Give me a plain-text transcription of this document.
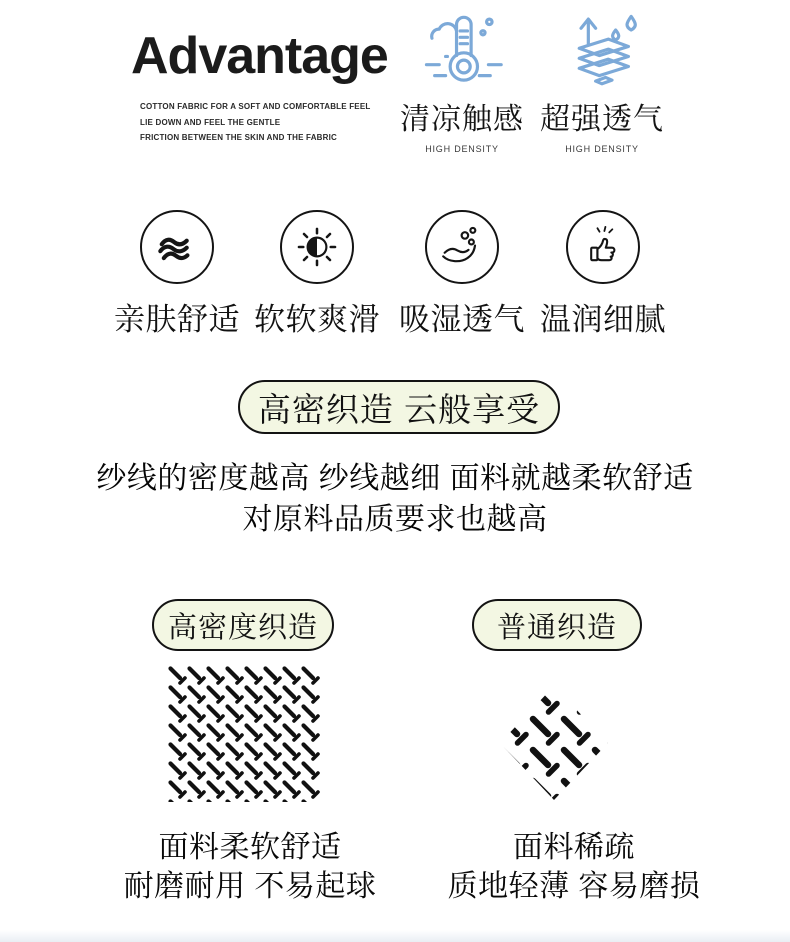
Advantage
COTTON FABRIC FOR A SOFT AND COMFORTABLE FEEL
LIE DOWN AND FEEL THE GENTLE
FRICTION BETWEEN THE SKIN AND THE FABRIC
清凉触感
HIGH DENSITY
超强透气
HIGH DENSITY
亲肤舒适 软软爽滑 吸湿透气 温润细腻
高密织造 云般享受
纱线的密度越高 纱线越细 面料就越柔软舒适
对原料品质要求也越高
高密度织造	普通织造
面料柔软舒适
耐磨耐用 不易起球
面料稀疏
质地轻薄 容易磨损
